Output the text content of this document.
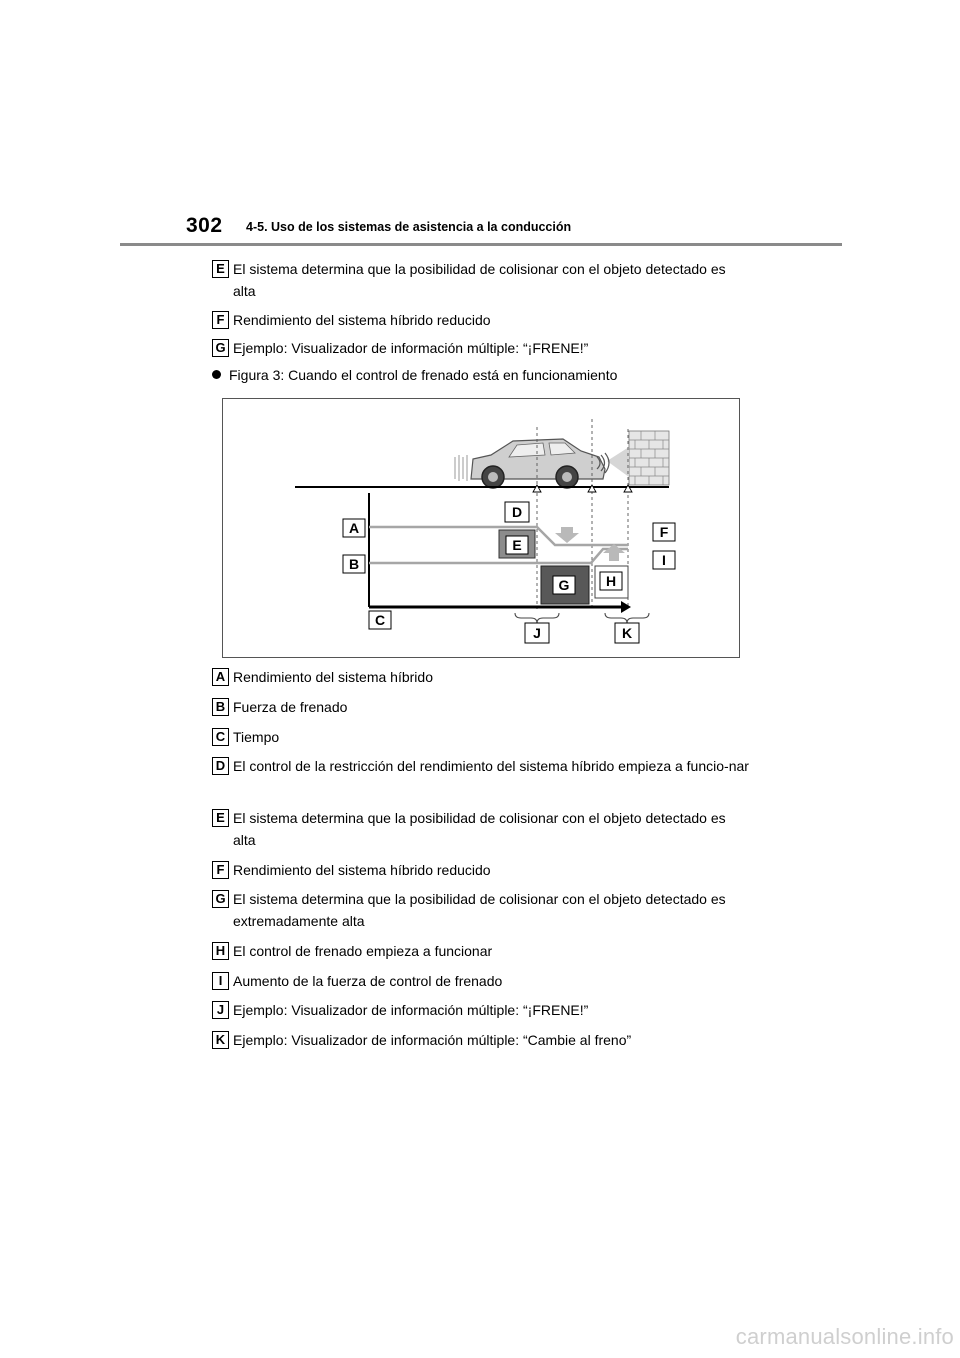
302 4-5. Uso de los sistemas de asistencia a la conducción
E El sistema determina que la posibilidad de colisionar con el objeto detectado es alta
F Rendimiento del sistema híbrido reducido
G Ejemplo: Visualizador de información múltiple: “¡FRENE!”
Figura 3: Cuando el control de frenado está en funcionamiento
A
B
C
D
E
F
G	H
I
J	K
A Rendimiento del sistema híbrido
B Fuerza de frenado
C Tiempo
D El control de la restricción del rendimiento del sistema híbrido empieza a funcio-nar
E El sistema determina que la posibilidad de colisionar con el objeto detectado es alta
F Rendimiento del sistema híbrido reducido
G El sistema determina que la posibilidad de colisionar con el objeto detectado es extremadamente alta
H El control de frenado empieza a funcionar
I Aumento de la fuerza de control de frenado
J Ejemplo: Visualizador de información múltiple: “¡FRENE!”
K Ejemplo: Visualizador de información múltiple: “Cambie al freno”
carmanualsonline.info
